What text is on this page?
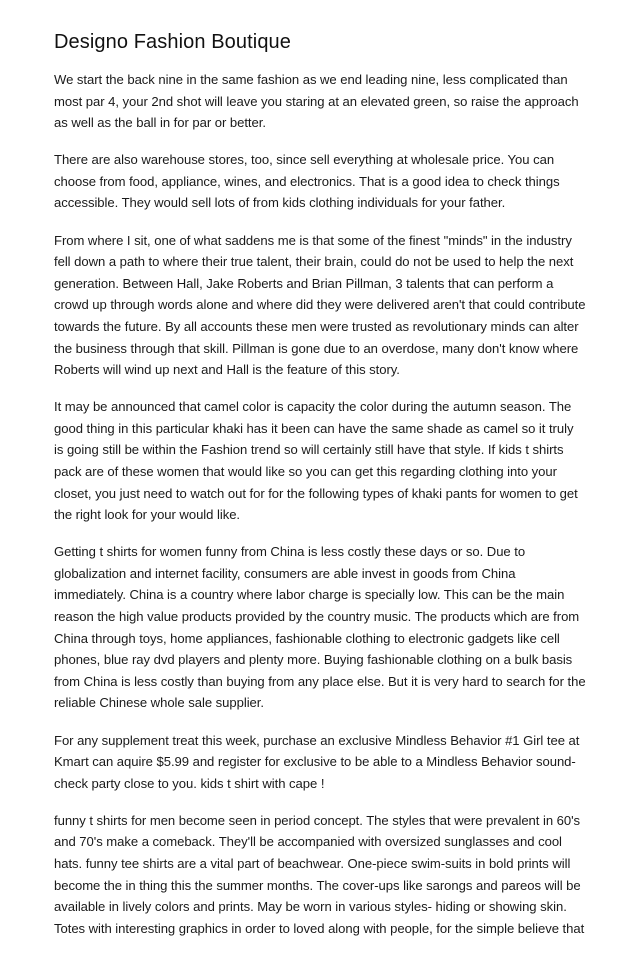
Designo Fashion Boutique

We start the back nine in the same fashion as we end leading nine, less complicated than most par 4, your 2nd shot will leave you staring at an elevated green, so raise the approach as well as the ball in for par or better.

There are also warehouse stores, too, since sell everything at wholesale price. You can choose from food, appliance, wines, and electronics. That is a good idea to check things accessible. They would sell lots of from kids clothing individuals for your father.

From where I sit, one of what saddens me is that some of the finest "minds" in the industry fell down a path to where their true talent, their brain, could do not be used to help the next generation. Between Hall, Jake Roberts and Brian Pillman, 3 talents that can perform a crowd up through words alone and where did they were delivered aren't that could contribute towards the future. By all accounts these men were trusted as revolutionary minds can alter the business through that skill. Pillman is gone due to an overdose, many don't know where Roberts will wind up next and Hall is the feature of this story.

It may be announced that camel color is capacity the color during the autumn season. The good thing in this particular khaki has it been can have the same shade as camel so it truly is going still be within the Fashion trend so will certainly still have that style. If kids t shirts pack are of these women that would like so you can get this regarding clothing into your closet, you just need to watch out for for the following types of khaki pants for women to get the right look for your would like.

Getting t shirts for women funny from China is less costly these days or so. Due to globalization and internet facility, consumers are able invest in goods from China immediately. China is a country where labor charge is specially low. This can be the main reason the high value products provided by the country music. The products which are from China through toys, home appliances, fashionable clothing to electronic gadgets like cell phones, blue ray dvd players and plenty more. Buying fashionable clothing on a bulk basis from China is less costly than buying from any place else. But it is very hard to search for the reliable Chinese whole sale supplier.

For any supplement treat this week, purchase an exclusive Mindless Behavior #1 Girl tee at Kmart can aquire $5.99 and register for exclusive to be able to a Mindless Behavior sound-check party close to you. kids t shirt with cape !

funny t shirts for men become seen in period concept. The styles that were prevalent in 60's and 70's make a comeback. They'll be accompanied with oversized sunglasses and cool hats. funny tee shirts are a vital part of beachwear. One-piece swim-suits in bold prints will become the in thing this the summer months. The cover-ups like sarongs and pareos will be available in lively colors and prints. May be worn in various styles- hiding or showing skin. Totes with interesting graphics in order to loved along with people, for the simple believe that
